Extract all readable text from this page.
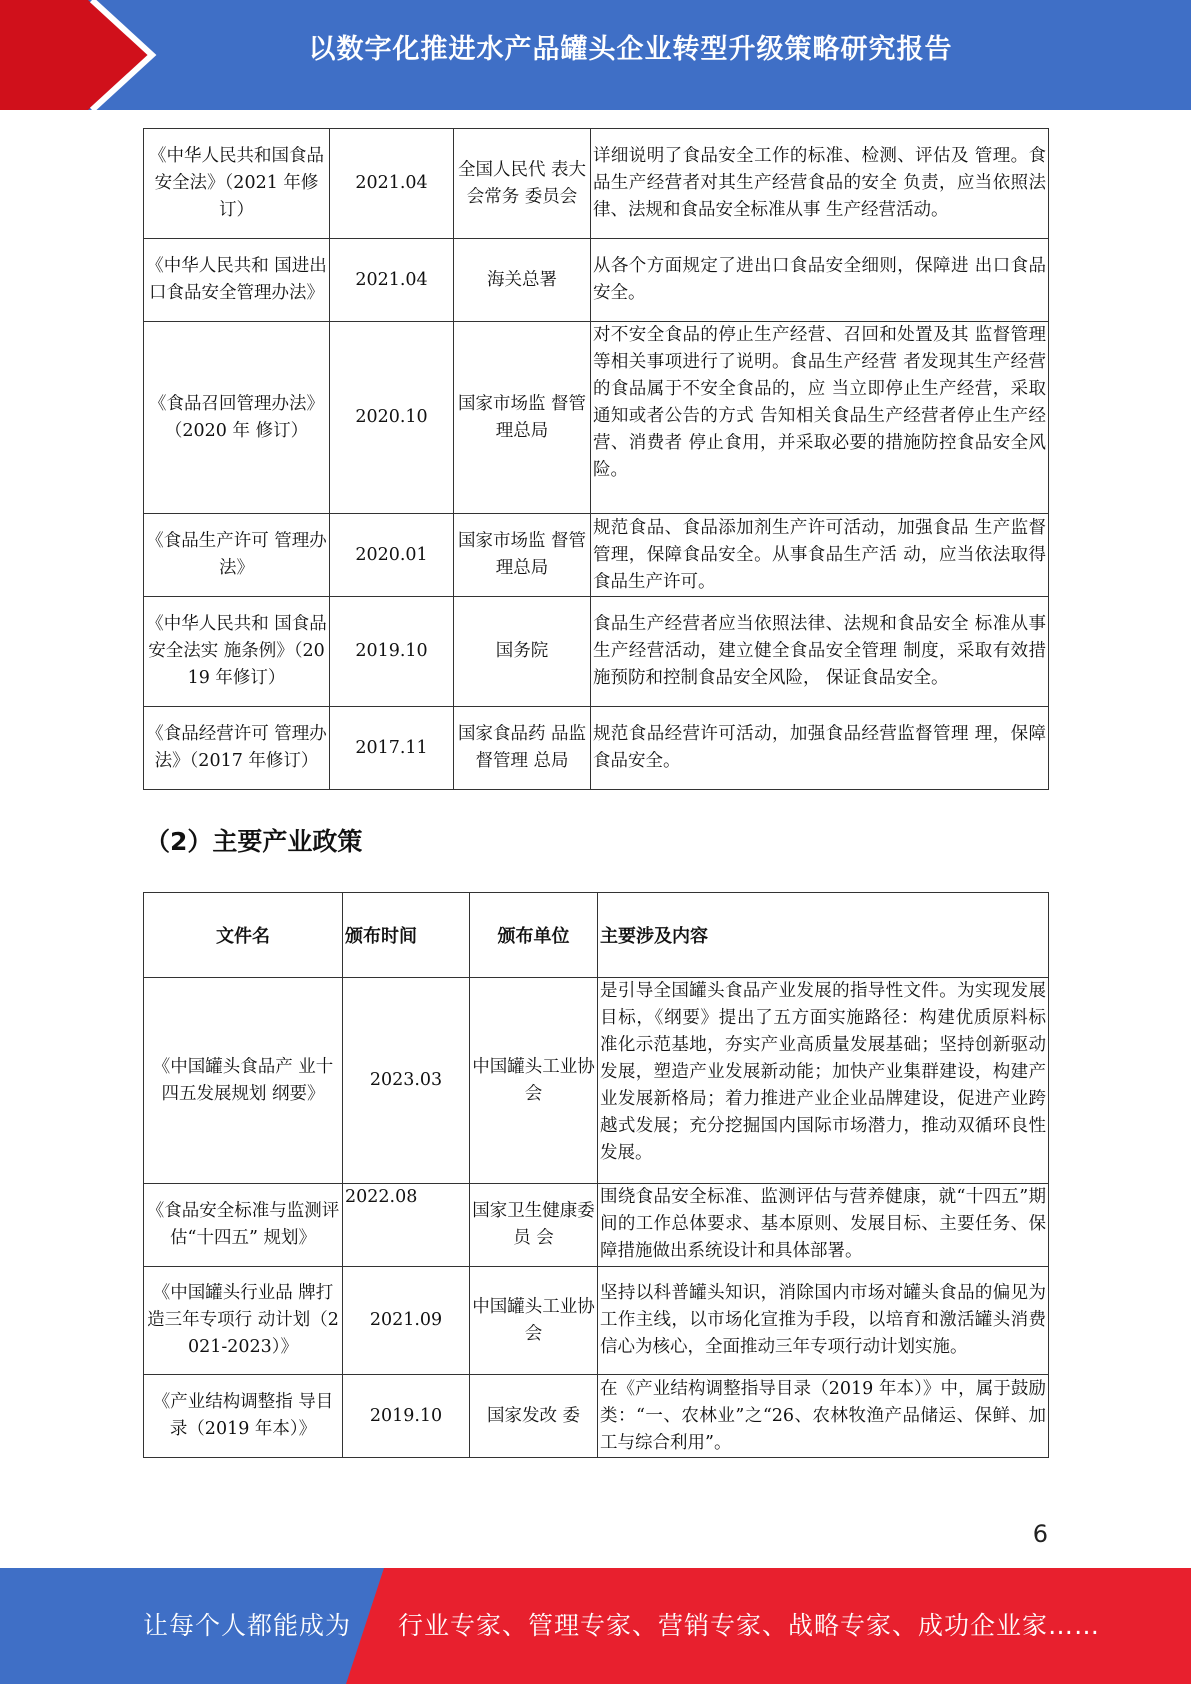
以数字化推进水产品罐头企业转型升级策略研究报告
《中华人民共和国食品安全法》（2021 年修订）	2021.04	全国人民代 表大会常务 委员会	详细说明了食品安全工作的标准、检测、评估及 管理。食品生产经营者对其生产经营食品的安全 负责，应当依照法律、法规和食品安全标准从事 生产经营活动。
《中华人民共和 国进出口食品安全管理办法》	2021.04	海关总署	从各个方面规定了进出口食品安全细则，保障进 出口食品安全。
《食品召回管理办法》（2020 年 修订）	2020.10	国家市场监 督管理总局	对不安全食品的停止生产经营、召回和处置及其 监督管理等相关事项进行了说明。食品生产经营 者发现其生产经营的食品属于不安全食品的，应 当立即停止生产经营，采取通知或者公告的方式 告知相关食品生产经营者停止生产经营、消费者 停止食用，并采取必要的措施防控食品安全风 险。
《食品生产许可 管理办法》	2020.01	国家市场监 督管理总局	规范食品、食品添加剂生产许可活动，加强食品 生产监督管理，保障食品安全。从事食品生产活 动，应当依法取得食品生产许可。
《中华人民共和 国食品安全法实 施条例》（2019 年修订）	2019.10	国务院	食品生产经营者应当依照法律、法规和食品安全 标准从事生产经营活动，建立健全食品安全管理 制度，采取有效措施预防和控制食品安全风险， 保证食品安全。
《食品经营许可 管理办法》（2017 年修订）	2017.11	国家食品药 品监督管理 总局	规范食品经营许可活动，加强食品经营监督管理 理，保障食品安全。
（2）主要产业政策
文件名	颁布时间	颁布单位	主要涉及内容
《中国罐头食品产 业十四五发展规划 纲要》	2023.03	中国罐头工业协会	是引导全国罐头食品产业发展的指导性文件。为实现发展目标，《纲要》提出了五方面实施路径：构建优质原料标准化示范基地，夯实产业高质量发展基础；坚持创新驱动发展，塑造产业发展新动能；加快产业集群建设，构建产业发展新格局；着力推进产业企业品牌建设，促进产业跨越式发展；充分挖掘国内国际市场潜力，推动双循环良性发展。

《食品安全标准与监测评估“十四五” 规划》	2022.08	国家卫生健康委员 会	围绕食品安全标准、监测评估与营养健康，就“十四五”期间的工作总体要求、基本原则、发展目标、主要任务、保障措施做出系统设计和具体部署。

《中国罐头行业品 牌打造三年专项行 动计划（2021-2023）》	2021.09	中国罐头工业协会	坚持以科普罐头知识，消除国内市场对罐头食品的偏见为工作主线，以市场化宣推为手段，以培育和激活罐头消费信心为核心，全面推动三年专项行动计划实施。
《产业结构调整指 导目录（2019 年本）》	2019.10	国家发改 委	在《产业结构调整指导目录（2019 年本）》中，属于鼓励类：“一、农林业”之“26、农林牧渔产品储运、保鲜、加工与综合利用”。
6
让每个人都能成为 行业专家、管理专家、营销专家、战略专家、成功企业家……
